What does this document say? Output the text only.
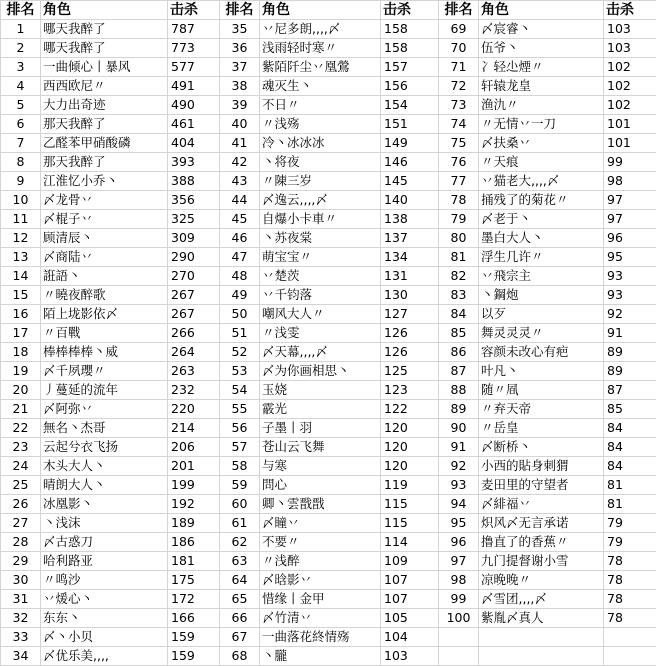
排名	角色	击杀	排名	角色	击杀	排名	角色	击杀
1	哪天我醉了	787	35	丷尼多朗,,,,〆	158	69	〆宸睿丶	103
2	哪天我醉了	773	36	浅雨轻时寒〃	158	70	伍爷丶	103
3	一曲倾心丨暴风	577	37	紫陌阡尘丷凰鶯	157	71	冫轻尐煙〃	102
4	西西欧尼〃	491	38	魂灭生丶	156	72	轩辕龙皇	102
5	大力出奇迹	490	39	不日〃	154	73	渔氿〃	102
6	那天我醉了	461	40	〃浅殇	151	74	〃无情丷一刀	101
7	乙醛苯甲硝酸磷	404	41	冷丶冰冰冰	149	75	〆扶桑丷	101
8	那天我醉了	393	42	丶将夜	146	76	〃天痕	99
9	江淮忆小乔丶	388	43	〃陳三岁	145	77	丷猫老大,,,,〆	98
10	〆龙骨丷	356	44	〆逸云,,,,〆	140	78	捅残了的菊花〃	97
11	〆棍子丷	325	45	自爆小卡車〃	138	79	〆老于丶	97
12	顾清辰丶	309	46	丶苏夜棠	137	80	墨白大人丶	96
13	〆商陆丷	290	47	萌宝宝〃	134	81	浮生几许〃	95
14	誑語丶	270	48	丷楚茨	131	82	丷飛宗主	93
15	〃曉夜醉歌	267	49	丷千钧落	130	83	丶鋼炮	93
16	陌上垅影依〆	267	50	嘲风大人〃	127	84	以歹	92
17	〃百戰	266	51	〃浅雯	126	85	舞灵灵灵〃	91
18	棒棒棒棒丶威	264	52	〆天幕,,,,〆	126	86	容颜未改心有疤	89
19	〆千夙瓔〃	263	53	〆为你画相思丶	125	87	叶凡丶	89
20	丿蔓延的流年	232	54	玉娆	123	88	随〃凮	87
21	〆阿弥丷	220	55	霰光	122	89	〃弃天帝	85
22	無名丶杰哥	214	56	子墨丨羽	120	90	〃岳皇	84
23	云起兮衣飞扬	206	57	苍山云飞舞	120	91	〆断桥丶	84
24	木头大人丶	201	58	与寒	120	92	小西的貼身刺猬	84
25	晴朗大人丶	199	59	問心	119	93	麦田里的守望者	81
26	冰凰影丶	192	60	卿丶雲戬戬	115	94	〆緋福丷	81
27	丶浅沫	189	61	〆瞳丷	115	95	炽风〆无言承诺	79
28	〆古惑刀	186	62	不要〃	114	96	撸直了的香蕉〃	79
29	哈利路亚	181	63	〃浅醉	109	97	九门提督谢小雪	78
30	〃鸣沙	175	64	〆晗影丷	107	98	凉晚晚〃	78
31	丷煖心丶	172	65	惜缘丨金甲	107	99	〆雪团,,,,〆	78
32	东东丶	166	66	〆竹清丷	105	100	紫胤〆真人	78
33	〆丶小贝	159	67	一曲落花終情殇	104			
34	〆优乐美,,,,	159	68	丶朧	103			
